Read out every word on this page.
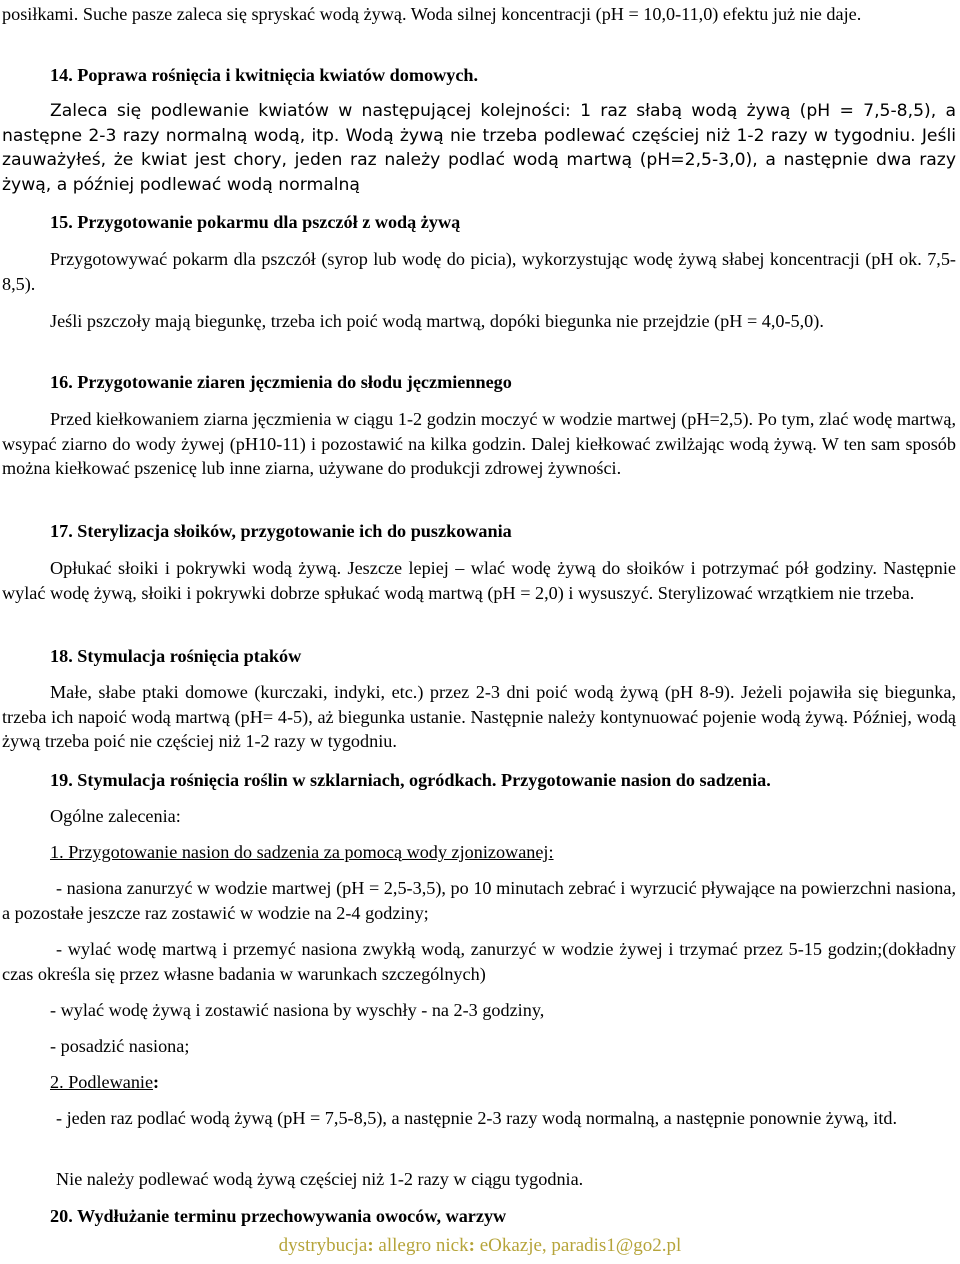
posiłkami. Suche pasze zaleca się spryskać wodą żywą. Woda silnej koncentracji (pH = 10,0-11,0) efektu już nie daje.

14. Poprawa rośnięcia i kwitnięcia kwiatów domowych.

Zaleca się podlewanie kwiatów w następującej kolejności: 1 raz słabą wodą żywą (pH = 7,5-8,5), a następne 2-3 razy normalną wodą, itp. Wodą żywą nie trzeba podlewać częściej niż 1-2 razy w tygodniu. Jeśli zauważyłeś, że kwiat jest chory, jeden raz należy podlać wodą martwą (pH=2,5-3,0), a następnie dwa razy żywą, a później podlewać wodą normalną

15. Przygotowanie pokarmu dla pszczół z wodą żywą

Przygotowywać pokarm dla pszczół (syrop lub wodę do picia), wykorzystując wodę żywą słabej koncentracji (pH ok. 7,5-8,5).

Jeśli pszczoły mają biegunkę, trzeba ich poić wodą martwą, dopóki biegunka nie przejdzie (pH = 4,0-5,0).

16. Przygotowanie ziaren jęczmienia do słodu jęczmiennego

Przed kiełkowaniem ziarna jęczmienia w ciągu 1-2 godzin moczyć w wodzie martwej (pH=2,5). Po tym, zlać wodę martwą, wsypać ziarno do wody żywej (pH10-11) i pozostawić na kilka godzin. Dalej kiełkować zwilżając wodą żywą. W ten sam sposób można kiełkować pszenicę lub inne ziarna, używane do produkcji zdrowej żywności.

17. Sterylizacja słoików, przygotowanie ich do puszkowania

Opłukać słoiki i pokrywki wodą żywą. Jeszcze lepiej – wlać wodę żywą do słoików i potrzymać pół godziny. Następnie wylać wodę żywą, słoiki i pokrywki dobrze spłukać wodą martwą (pH = 2,0) i wysuszyć. Sterylizować wrzątkiem nie trzeba.

18. Stymulacja rośnięcia ptaków

Małe, słabe ptaki domowe (kurczaki, indyki, etc.) przez 2-3 dni poić wodą żywą (pH 8-9). Jeżeli pojawiła się biegunka, trzeba ich napoić wodą martwą (pH= 4-5), aż biegunka ustanie. Następnie należy kontynuować pojenie wodą żywą. Później, wodą żywą trzeba poić nie częściej niż 1-2 razy w tygodniu.

19. Stymulacja rośnięcia roślin w szklarniach, ogródkach. Przygotowanie nasion do sadzenia.

Ogólne zalecenia:

1. Przygotowanie nasion do sadzenia za pomocą wody zjonizowanej:

- nasiona zanurzyć w wodzie martwej (pH = 2,5-3,5), po 10 minutach zebrać i wyrzucić pływające na powierzchni nasiona, a pozostałe jeszcze raz zostawić w wodzie na 2-4 godziny;

- wylać wodę martwą i przemyć nasiona zwykłą wodą, zanurzyć w wodzie żywej i trzymać przez 5-15 godzin;(dokładny czas określa się przez własne badania w warunkach szczególnych)

- wylać wodę żywą i zostawić nasiona by wyschły - na 2-3 godziny,

- posadzić nasiona;

2. Podlewanie:

- jeden raz podlać wodą żywą (pH = 7,5-8,5), a następnie 2-3 razy wodą normalną, a następnie ponownie żywą, itd.

Nie należy podlewać wodą żywą częściej niż 1-2 razy w ciągu tygodnia.

20. Wydłużanie terminu przechowywania owoców, warzyw

dystrybucja: allegro nick: eOkazje, paradis1@go2.pl
